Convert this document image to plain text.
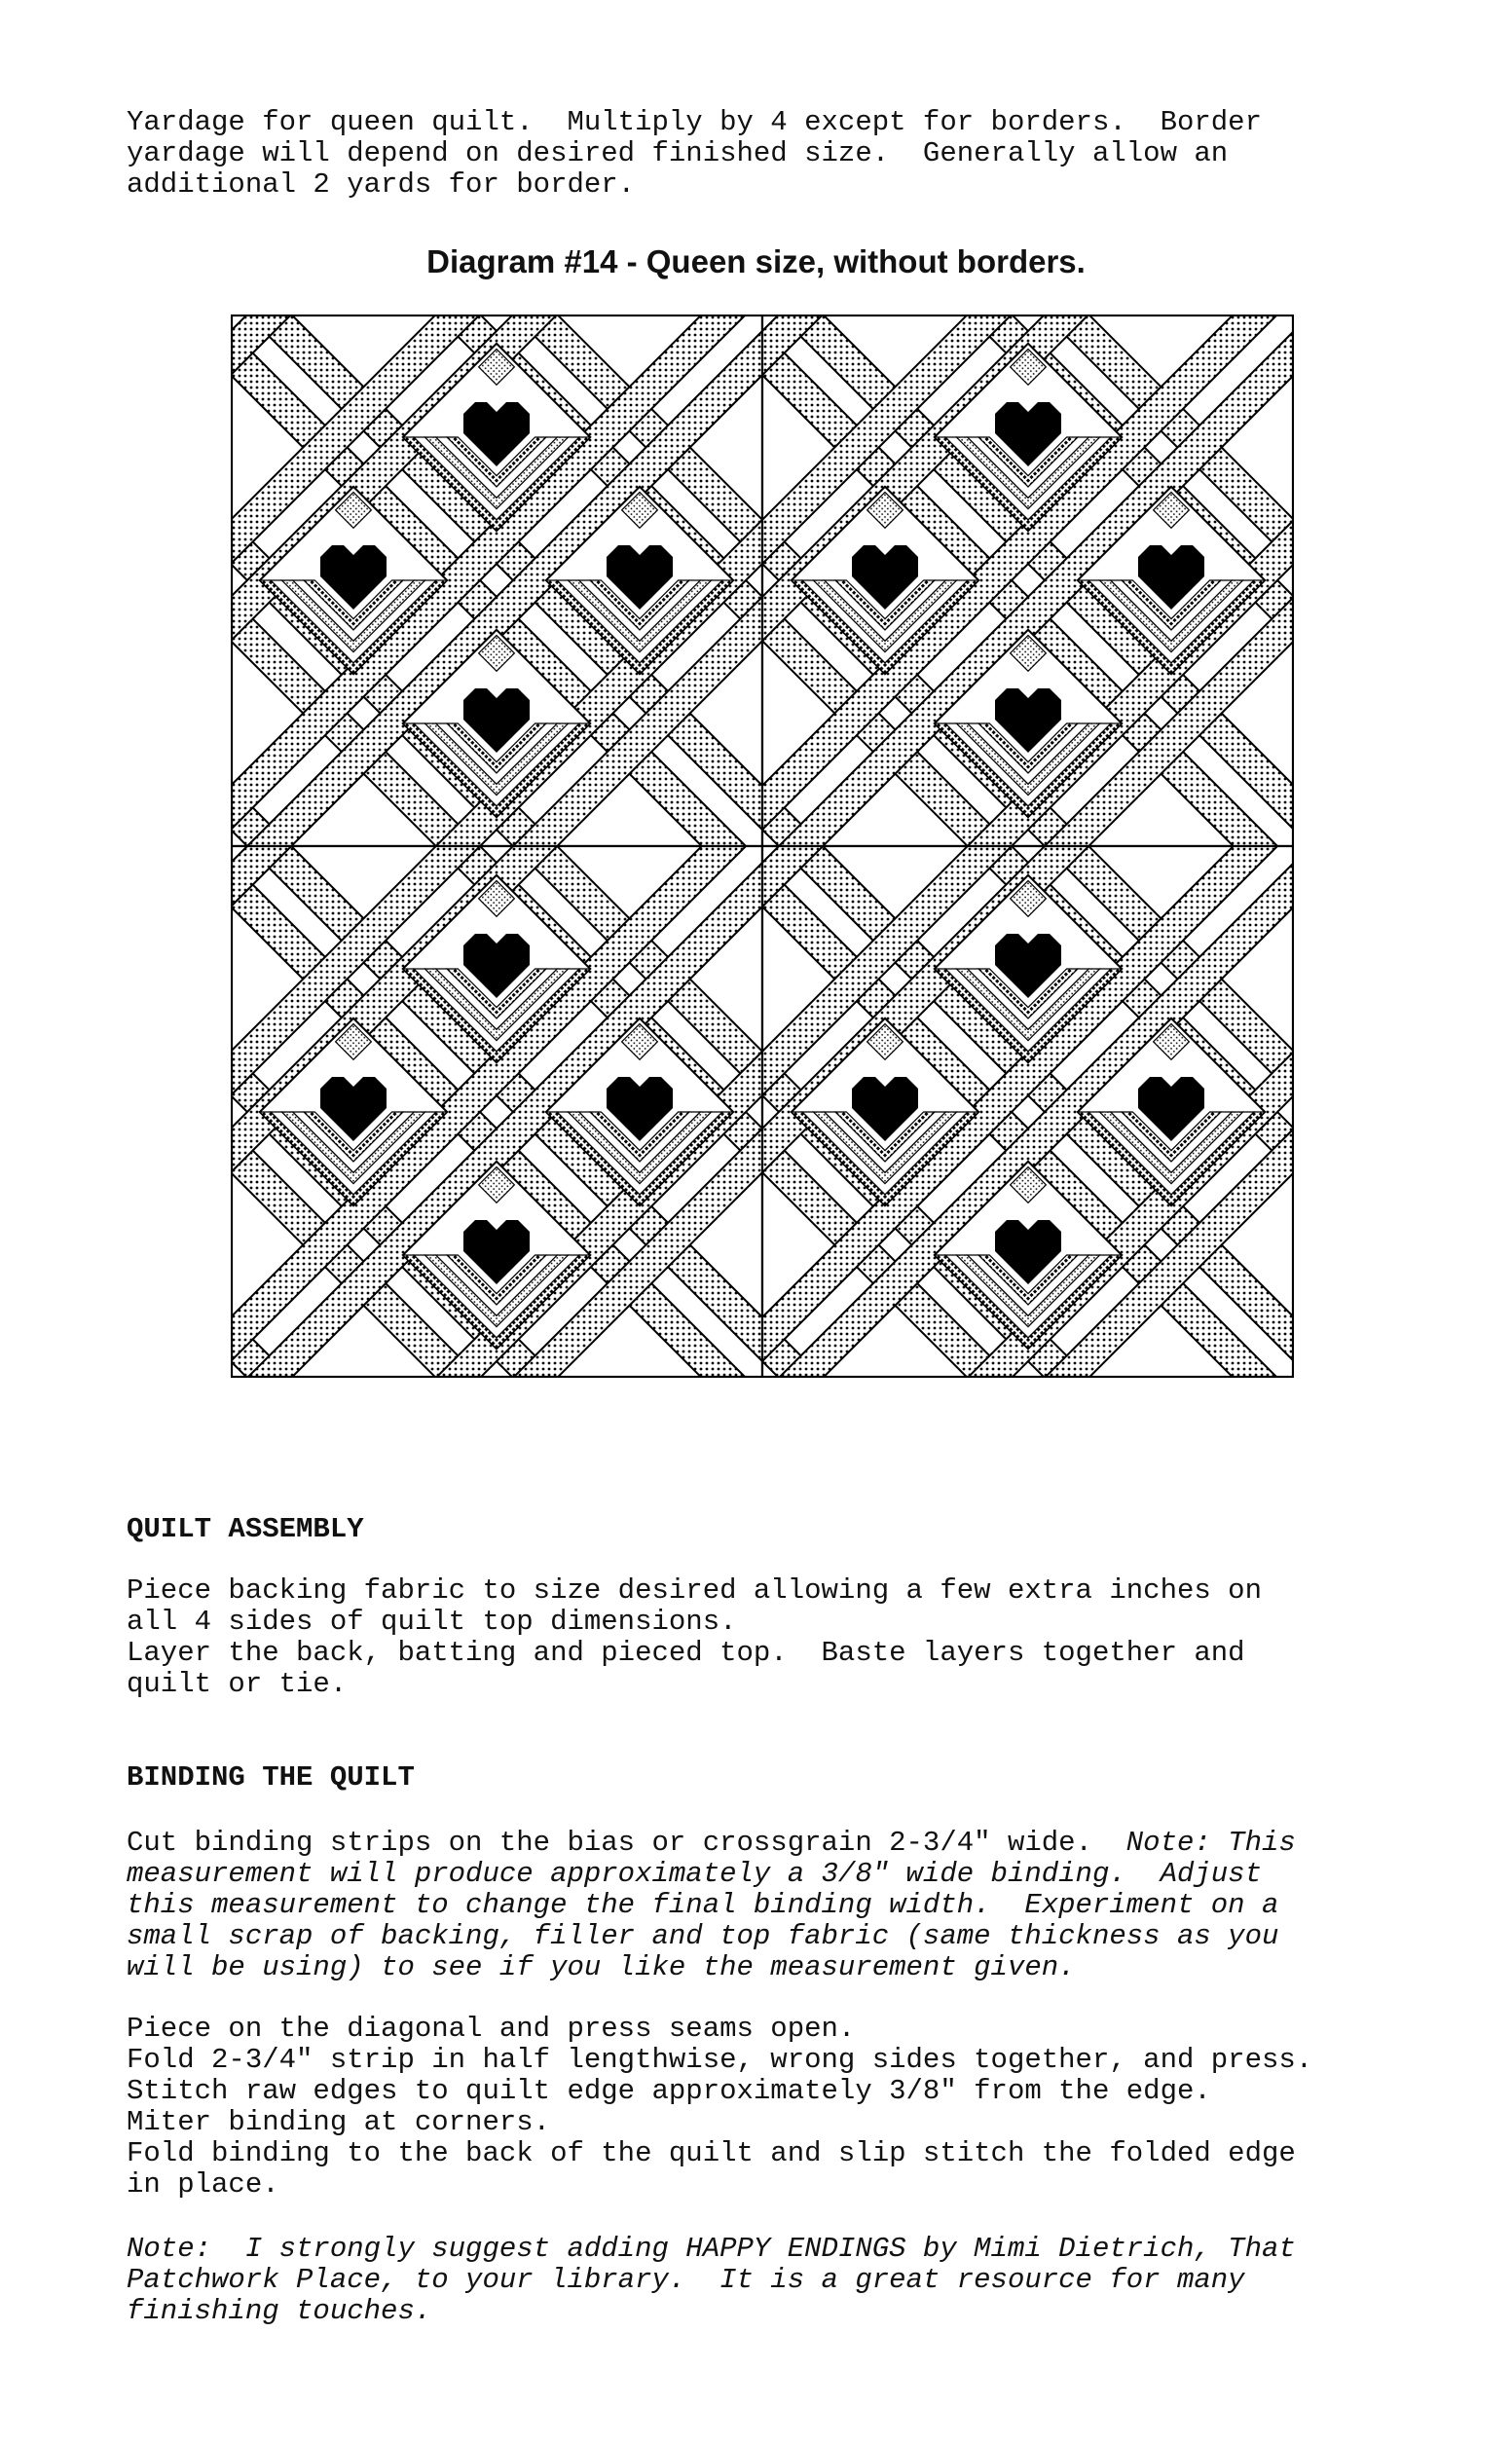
Yardage for queen quilt.  Multiply by 4 except for borders.  Border
yardage will depend on desired finished size.  Generally allow an
additional 2 yards for border.

Diagram #14 - Queen size, without borders.

QUILT ASSEMBLY

Piece backing fabric to size desired allowing a few extra inches on
all 4 sides of quilt top dimensions.

Layer the back, batting and pieced top.  Baste layers together and
quilt or tie.

BINDING THE QUILT

Cut binding strips on the bias or crossgrain 2-3/4" wide.  Note: This
measurement will produce approximately a 3/8" wide binding.  Adjust
this measurement to change the final binding width.  Experiment on a
small scrap of backing, filler and top fabric (same thickness as you
will be using) to see if you like the measurement given.

Piece on the diagonal and press seams open.
Fold 2-3/4" strip in half lengthwise, wrong sides together, and press.
Stitch raw edges to quilt edge approximately 3/8" from the edge.
Miter binding at corners.
Fold binding to the back of the quilt and slip stitch the folded edge
in place.

Note:  I strongly suggest adding HAPPY ENDINGS by Mimi Dietrich, That
Patchwork Place, to your library.  It is a great resource for many
finishing touches.
